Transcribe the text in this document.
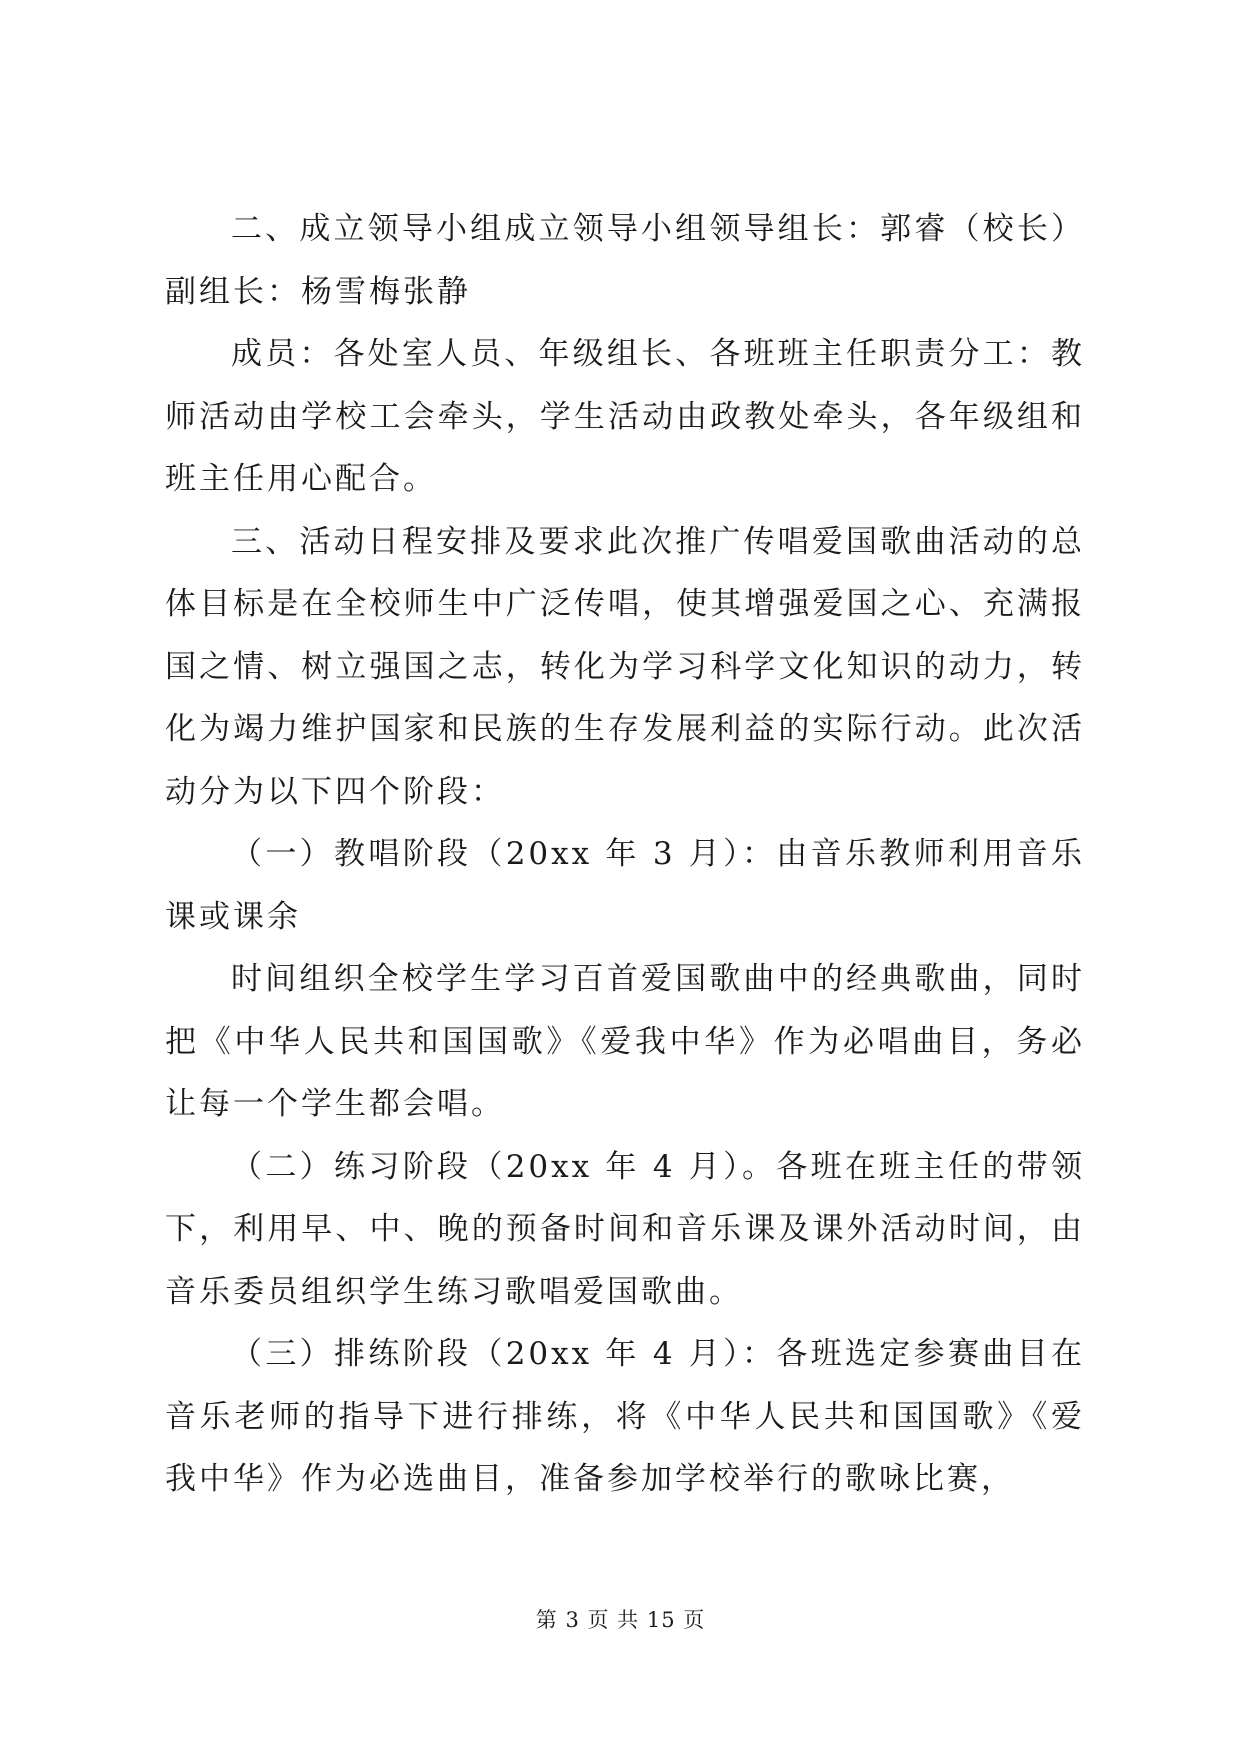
二、成立领导小组成立领导小组领导组长：郭睿（校长）副组长：杨雪梅张静

成员：各处室人员、年级组长、各班班主任职责分工：教师活动由学校工会牵头，学生活动由政教处牵头，各年级组和班主任用心配合。

三、活动日程安排及要求此次推广传唱爱国歌曲活动的总体目标是在全校师生中广泛传唱，使其增强爱国之心、充满报国之情、树立强国之志，转化为学习科学文化知识的动力，转化为竭力维护国家和民族的生存发展利益的实际行动。此次活动分为以下四个阶段：

（一）教唱阶段（20xx 年 3 月）：由音乐教师利用音乐课或课余

时间组织全校学生学习百首爱国歌曲中的经典歌曲，同时把《中华人民共和国国歌》《爱我中华》作为必唱曲目，务必让每一个学生都会唱。

（二）练习阶段（20xx 年 4 月）。各班在班主任的带领下，利用早、中、晚的预备时间和音乐课及课外活动时间，由音乐委员组织学生练习歌唱爱国歌曲。

（三）排练阶段（20xx 年 4 月）：各班选定参赛曲目在音乐老师的指导下进行排练，将《中华人民共和国国歌》《爱我中华》作为必选曲目，准备参加学校举行的歌咏比赛，

第 3 页 共 15 页
